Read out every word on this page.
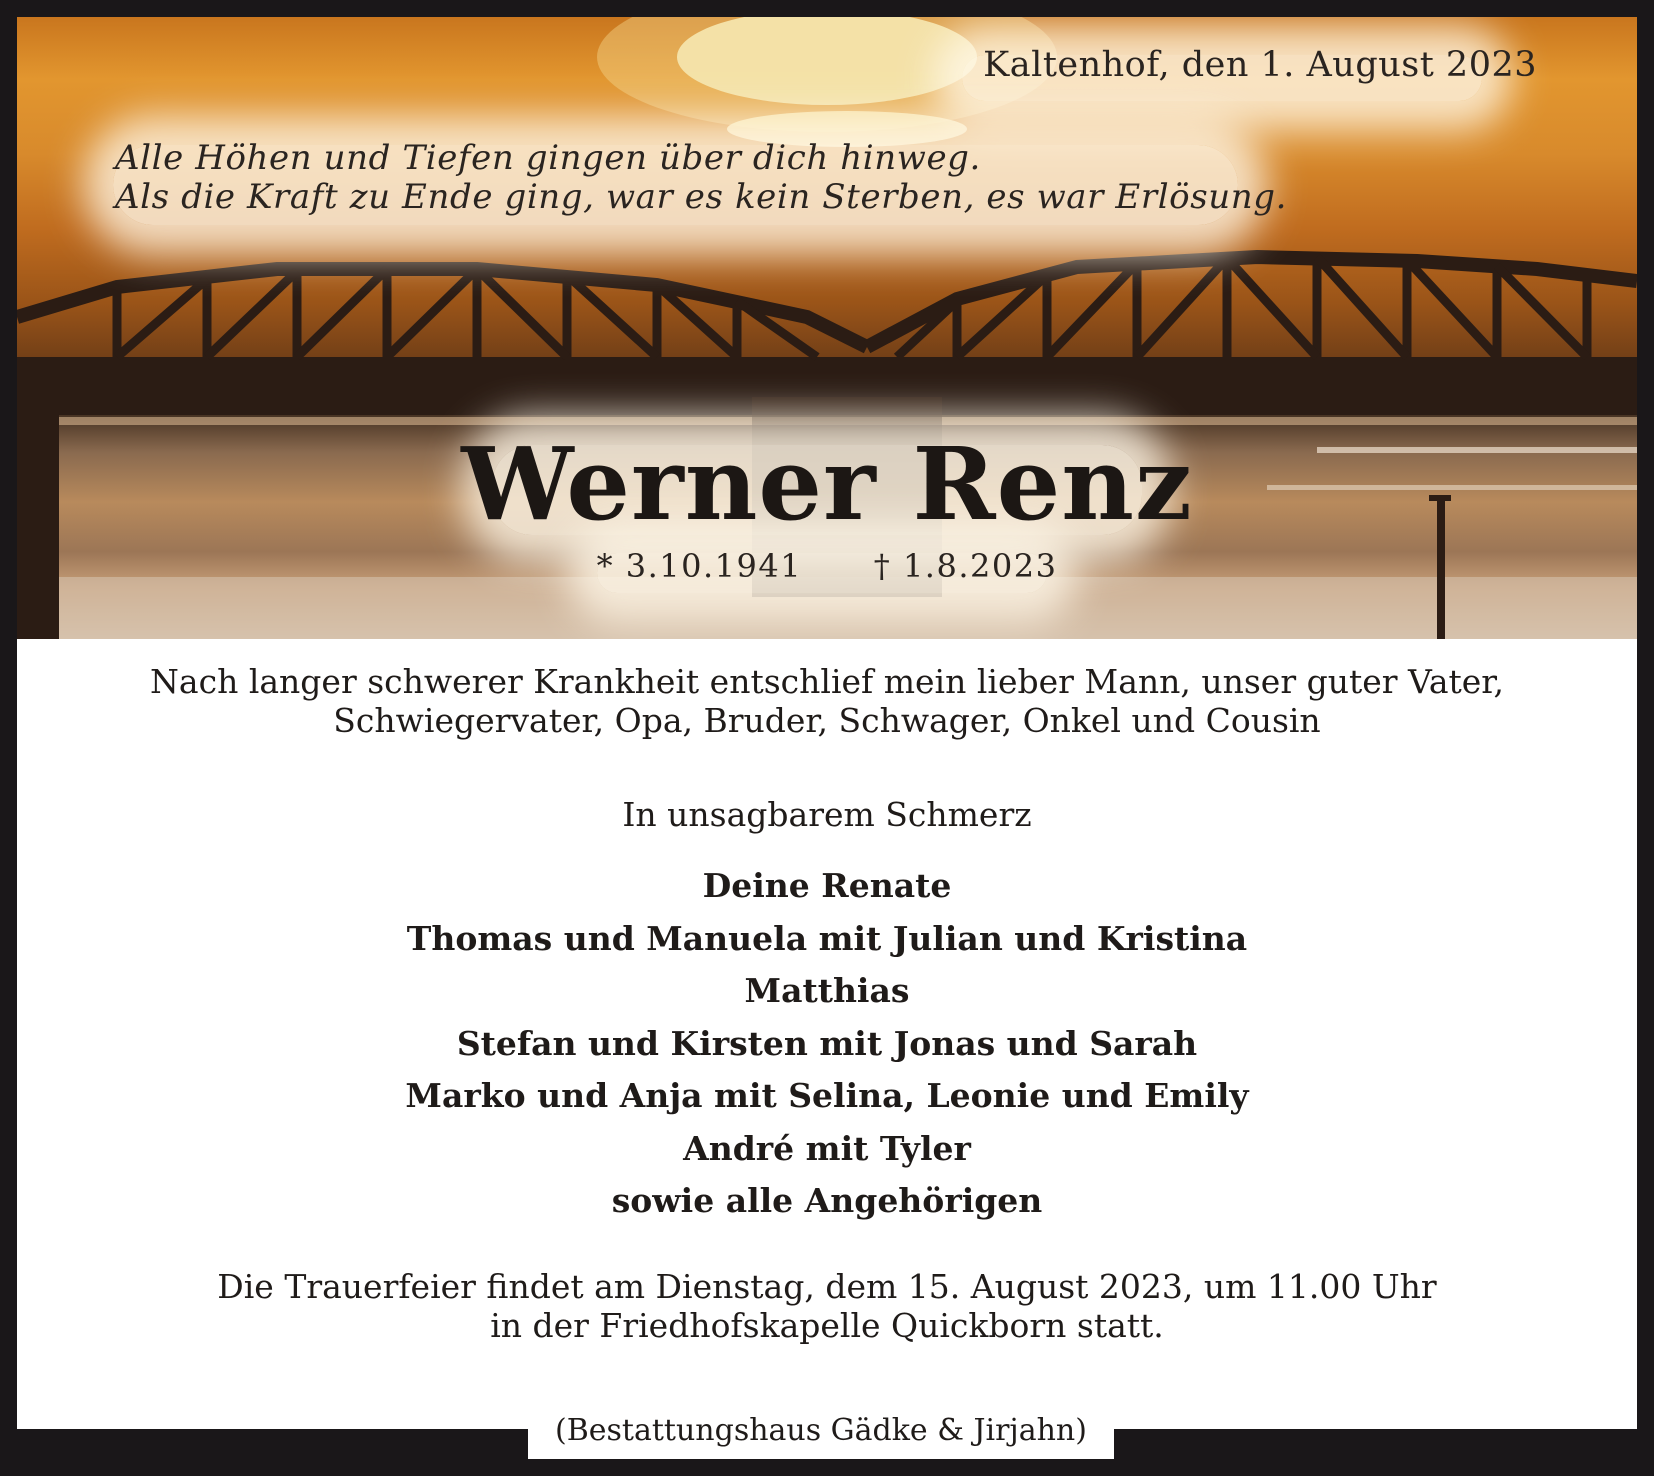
Kaltenhof, den 1. August 2023
Alle Höhen und Tiefen gingen über dich hinweg.
Als die Kraft zu Ende ging, war es kein Sterben, es war Erlösung.
Werner Renz
* 3.10.1941 † 1.8.2023
Nach langer schwerer Krankheit entschlief mein lieber Mann, unser guter Vater,
Schwiegervater, Opa, Bruder, Schwager, Onkel und Cousin
In unsagbarem Schmerz
Deine Renate
Thomas und Manuela mit Julian und Kristina
Matthias
Stefan und Kirsten mit Jonas und Sarah
Marko und Anja mit Selina, Leonie und Emily
André mit Tyler
sowie alle Angehörigen
Die Trauerfeier findet am Dienstag, dem 15. August 2023, um 11.00 Uhr
in der Friedhofskapelle Quickborn statt.
(Bestattungshaus Gädke & Jirjahn)
